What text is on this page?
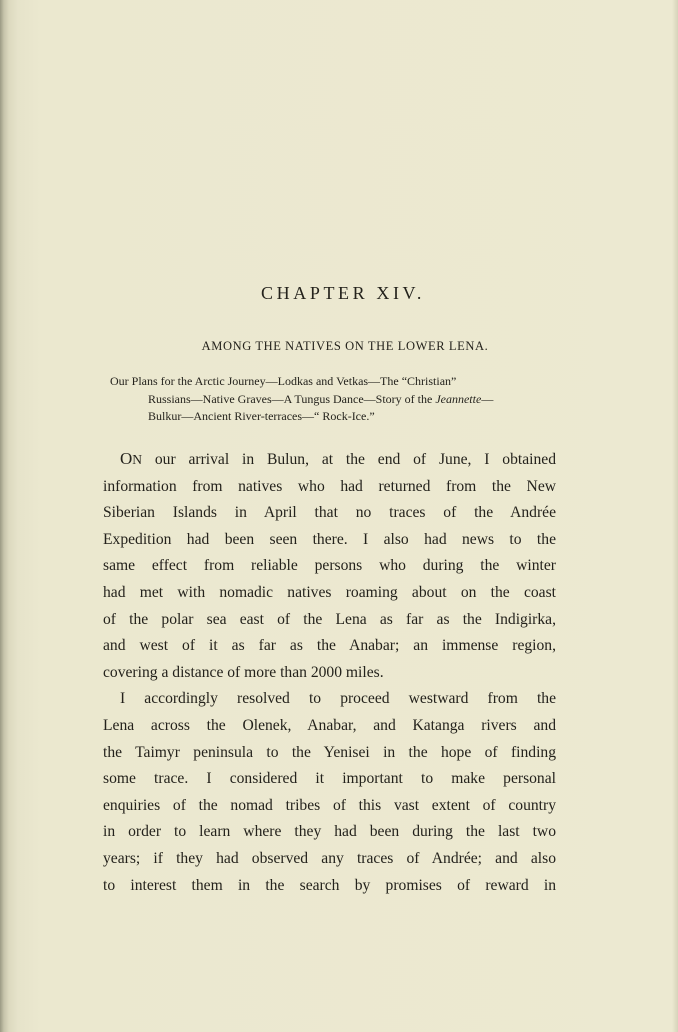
CHAPTER XIV.
AMONG THE NATIVES ON THE LOWER LENA.
Our Plans for the Arctic Journey—Lodkas and Vetkas—The “Christian”
Russians—Native Graves—A Tungus Dance—Story of the Jeannette—
Bulkur—Ancient River-terraces—“ Rock-Ice.”
ON our arrival in Bulun, at the end of June, I obtained
information from natives who had returned from the New
Siberian Islands in April that no traces of the Andrée
Expedition had been seen there. I also had news to the
same effect from reliable persons who during the winter
had met with nomadic natives roaming about on the coast
of the polar sea east of the Lena as far as the Indigirka,
and west of it as far as the Anabar; an immense region,
covering a distance of more than 2000 miles.
I accordingly resolved to proceed westward from the
Lena across the Olenek, Anabar, and Katanga rivers and
the Taimyr peninsula to the Yenisei in the hope of finding
some trace. I considered it important to make personal
enquiries of the nomad tribes of this vast extent of country
in order to learn where they had been during the last two
years; if they had observed any traces of Andrée; and also
to interest them in the search by promises of reward in
